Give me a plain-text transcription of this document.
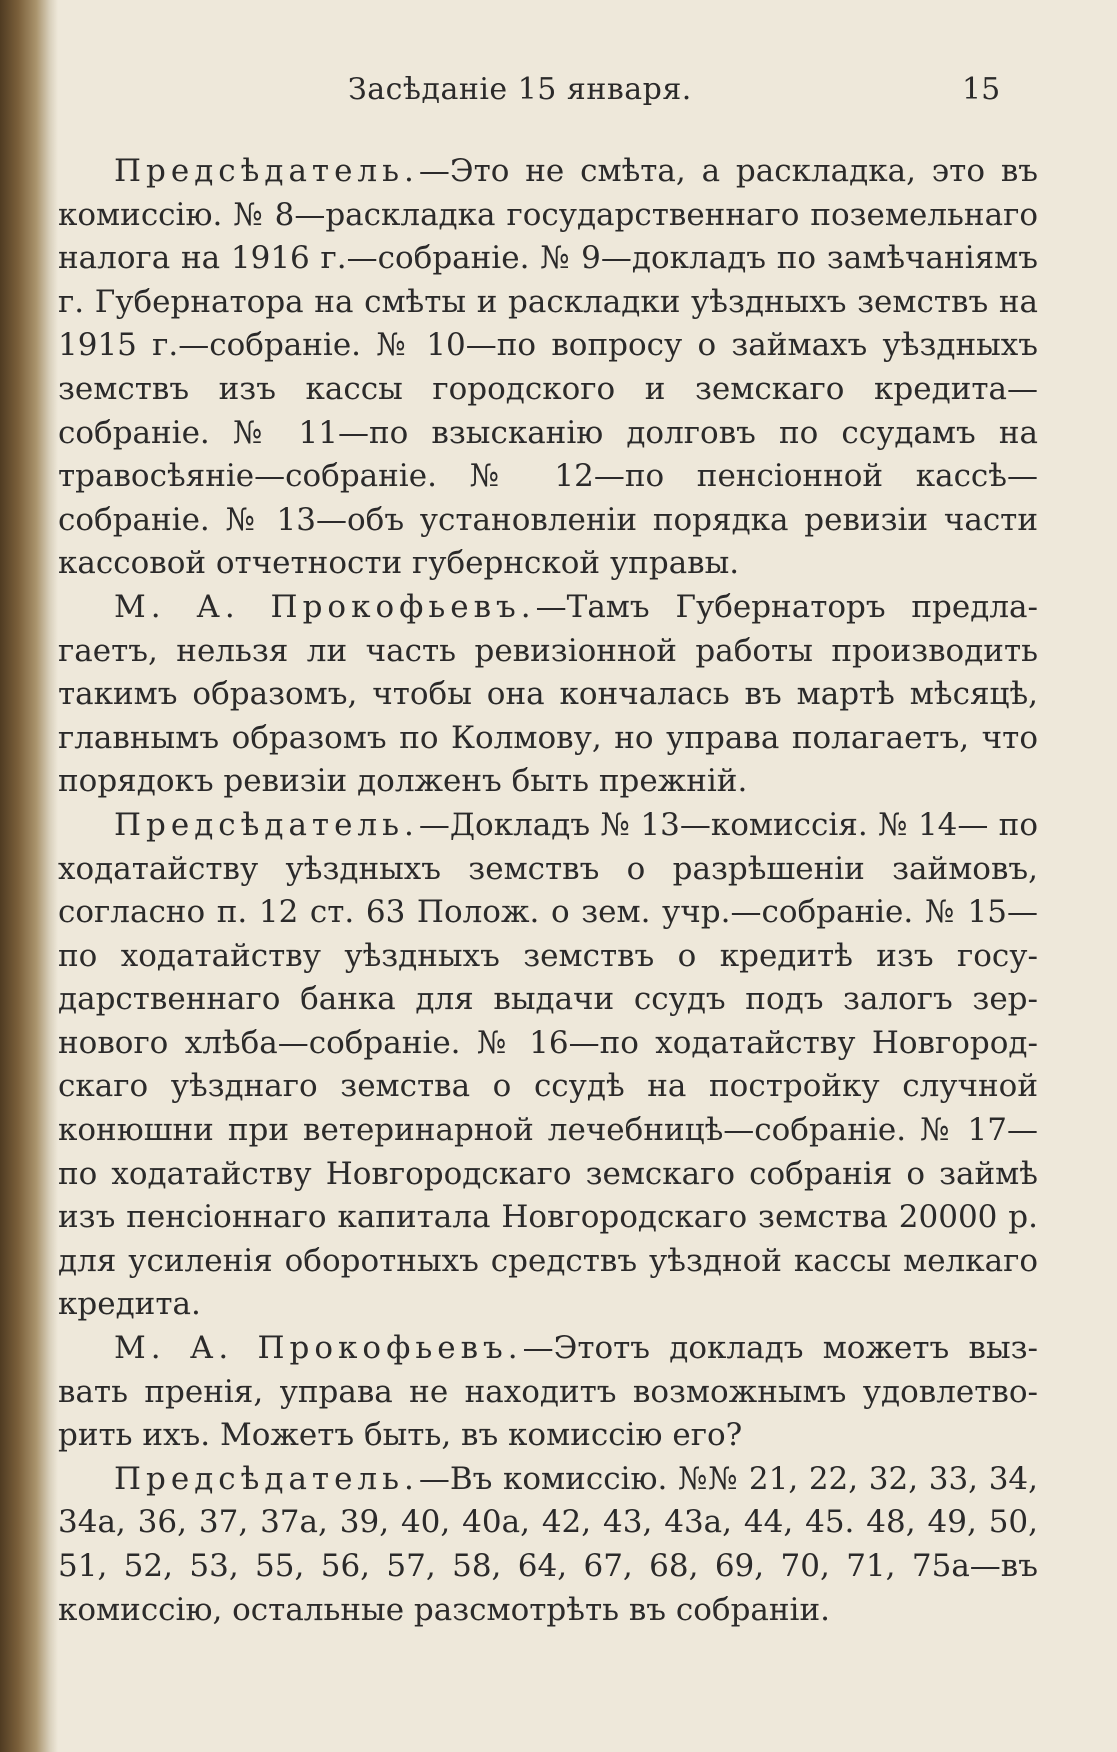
Засѣданіе 15 января.	15

Предсѣдатель.—Это не смѣта, а раскладка, это въ комиссію. № 8—раскладка государственнаго поземельнаго налога на 1916 г.—собраніе. № 9—докладъ по замѣчаніямъ г. Губернатора на смѣты и раскладки уѣздныхъ земствъ на 1915 г.—собраніе. № 10—по вопросу о займахъ уѣздныхъ земствъ изъ кассы городского и земскаго кредита—собраніе. № 11—по взысканію долговъ по ссудамъ на травосѣяніе—собраніе. № 12—по пенсіонной кассѣ—собраніе. № 13—объ установленіи порядка ревизіи части кассовой отчетности губернской управы.

М. А. Прокофьевъ.—Тамъ Губернаторъ предлагаетъ, нельзя ли часть ревизіонной работы производить такимъ образомъ, чтобы она кончалась въ мартѣ мѣсяцѣ, главнымъ образомъ по Колмову, но управа полагаетъ, что порядокъ ревизіи долженъ быть прежній.

Предсѣдатель.—Докладъ № 13—комиссія. № 14— по ходатайству уѣздныхъ земствъ о разрѣшеніи займовъ, согласно п. 12 ст. 63 Полож. о зем. учр.—собраніе. № 15— по ходатайству уѣздныхъ земствъ о кредитѣ изъ государственнаго банка для выдачи ссудъ подъ залогъ зернового хлѣба—собраніе. № 16—по ходатайству Новгородскаго уѣзднаго земства о ссудѣ на постройку случной конюшни при ветеринарной лечебницѣ—собраніе. № 17— по ходатайству Новгородскаго земскаго собранія о займѣ изъ пенсіоннаго капитала Новгородскаго земства 20000 р. для усиленія оборотныхъ средствъ уѣздной кассы мелкаго кредита.

М. А. Прокофьевъ.—Этотъ докладъ можетъ вызвать пренія, управа не находитъ возможнымъ удовлетворить ихъ. Можетъ быть, въ комиссію его?

Предсѣдатель.—Въ комиссію. №№ 21, 22, 32, 33, 34, 34а, 36, 37, 37а, 39, 40, 40а, 42, 43, 43а, 44, 45. 48, 49, 50, 51, 52, 53, 55, 56, 57, 58, 64, 67, 68, 69, 70, 71, 75а—въ комиссію, остальные разсмотрѣть въ собраніи.
